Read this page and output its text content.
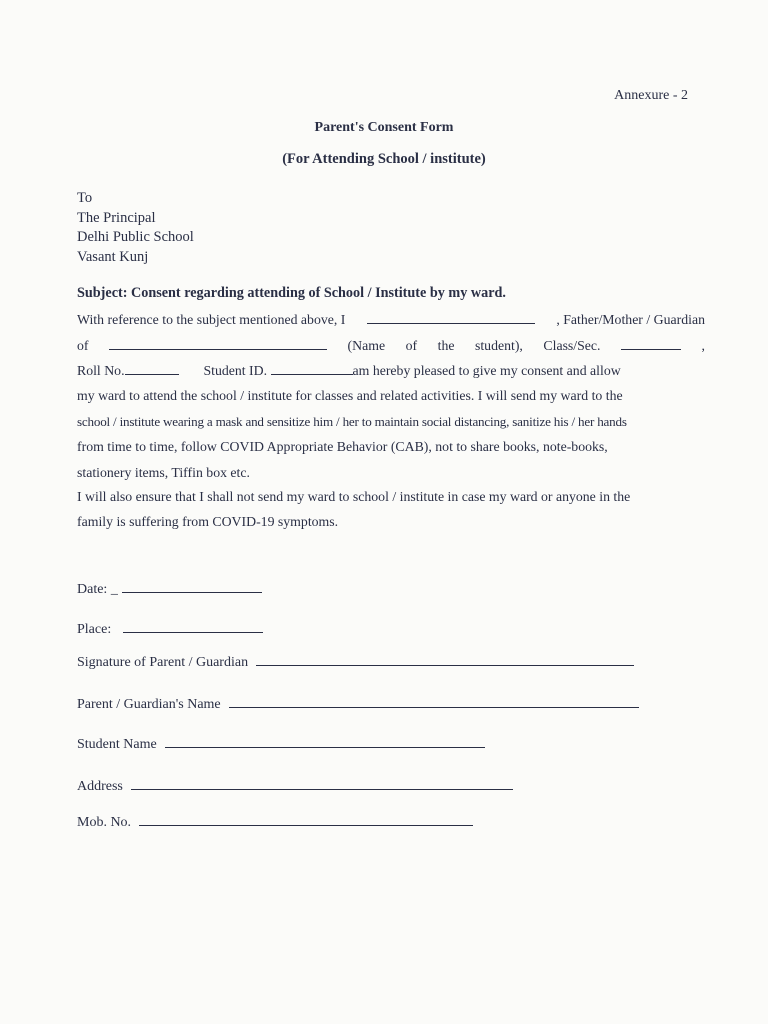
Annexure - 2
Parent's Consent Form
(For Attending School / institute)
To
The Principal
Delhi Public School
Vasant Kunj
Subject: Consent regarding attending of School / Institute by my ward.
With reference to the subject mentioned above, I	, Father/Mother / Guardian
of	(Name of the student), Class/Sec.	,
Roll No.	Student ID.	am hereby pleased to give my consent and allow
my ward to attend the school / institute for classes and related activities. I will send my ward to the
school / institute wearing a mask and sensitize him / her to maintain social distancing, sanitize his / her hands
from time to time, follow COVID Appropriate Behavior (CAB), not to share books, note-books,
stationery items, Tiffin box etc.
I will also ensure that I shall not send my ward to school / institute in case my ward or anyone in the
family is suffering from COVID-19 symptoms.
Date: _
Place:
Signature of Parent / Guardian
Parent / Guardian's Name
Student Name
Address
Mob. No.
